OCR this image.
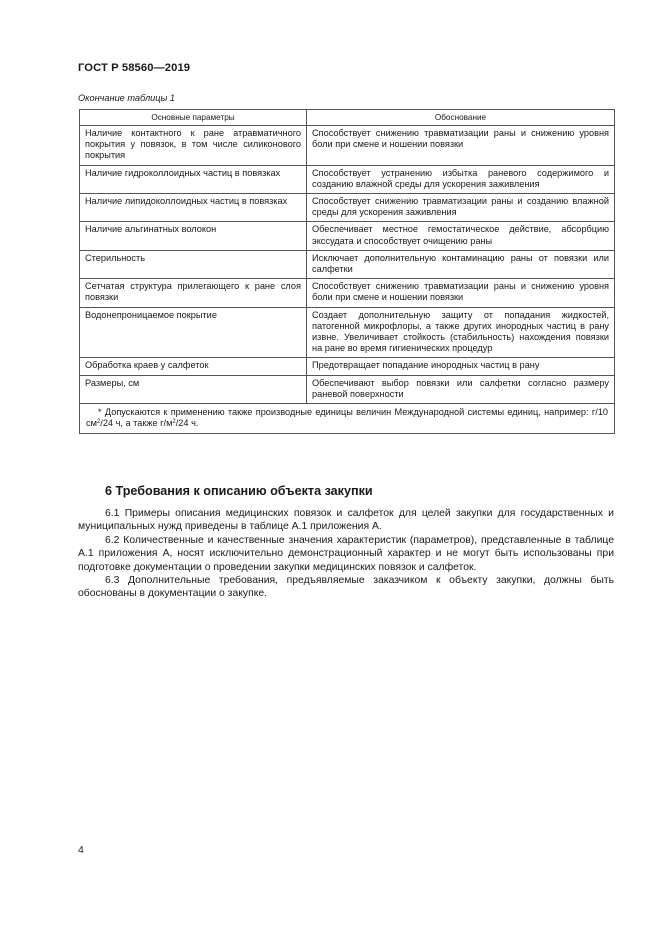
ГОСТ Р 58560—2019
Окончание таблицы 1
Основные параметры	Обоснование
Наличие контактного к ране атравматичного покрытия у повязок, в том числе силиконового покрытия	Способствует снижению травматизации раны и снижению уровня боли при смене и ношении повязки
Наличие гидроколлоидных частиц в повязках	Способствует устранению избытка раневого содержимого и созданию влажной среды для ускорения заживления
Наличие липидоколлоидных частиц в повязках	Способствует снижению травматизации раны и созданию влажной среды для ускорения заживления
Наличие альгинатных волокон	Обеспечивает местное гемостатическое действие, абсорбцию экссудата и способствует очищению раны
Стерильность	Исключает дополнительную контаминацию раны от повязки или салфетки
Сетчатая структура прилегающего к ране слоя повязки	Способствует снижению травматизации раны и снижению уровня боли при смене и ношении повязки
Водонепроницаемое покрытие	Создает дополнительную защиту от попадания жидкостей, патогенной микрофлоры, а также других инородных частиц в рану извне. Увеличивает стойкость (стабильность) нахождения повязки на ране во время гигиенических процедур
Обработка краев у салфеток	Предотвращает попадание инородных частиц в рану
Размеры, см	Обеспечивают выбор повязки или салфетки согласно размеру раневой поверхности

* Допускаются к применению также производные единицы величин Международной системы единиц, например: г/10 $см^2/24$ ч, а также $г/м^2/24$ ч.	
6 Требования к описанию объекта закупки
6.1 Примеры описания медицинских повязок и салфеток для целей закупки для государственных и муниципальных нужд приведены в таблице А.1 приложения А.
6.2 Количественные и качественные значения характеристик (параметров), представленные в таблице А.1 приложения А, носят исключительно демонстрационный характер и не могут быть использованы при подготовке документации о проведении закупки медицинских повязок и салфеток.
6.3 Дополнительные требования, предъявляемые заказчиком к объекту закупки, должны быть обоснованы в документации о закупке.
4
